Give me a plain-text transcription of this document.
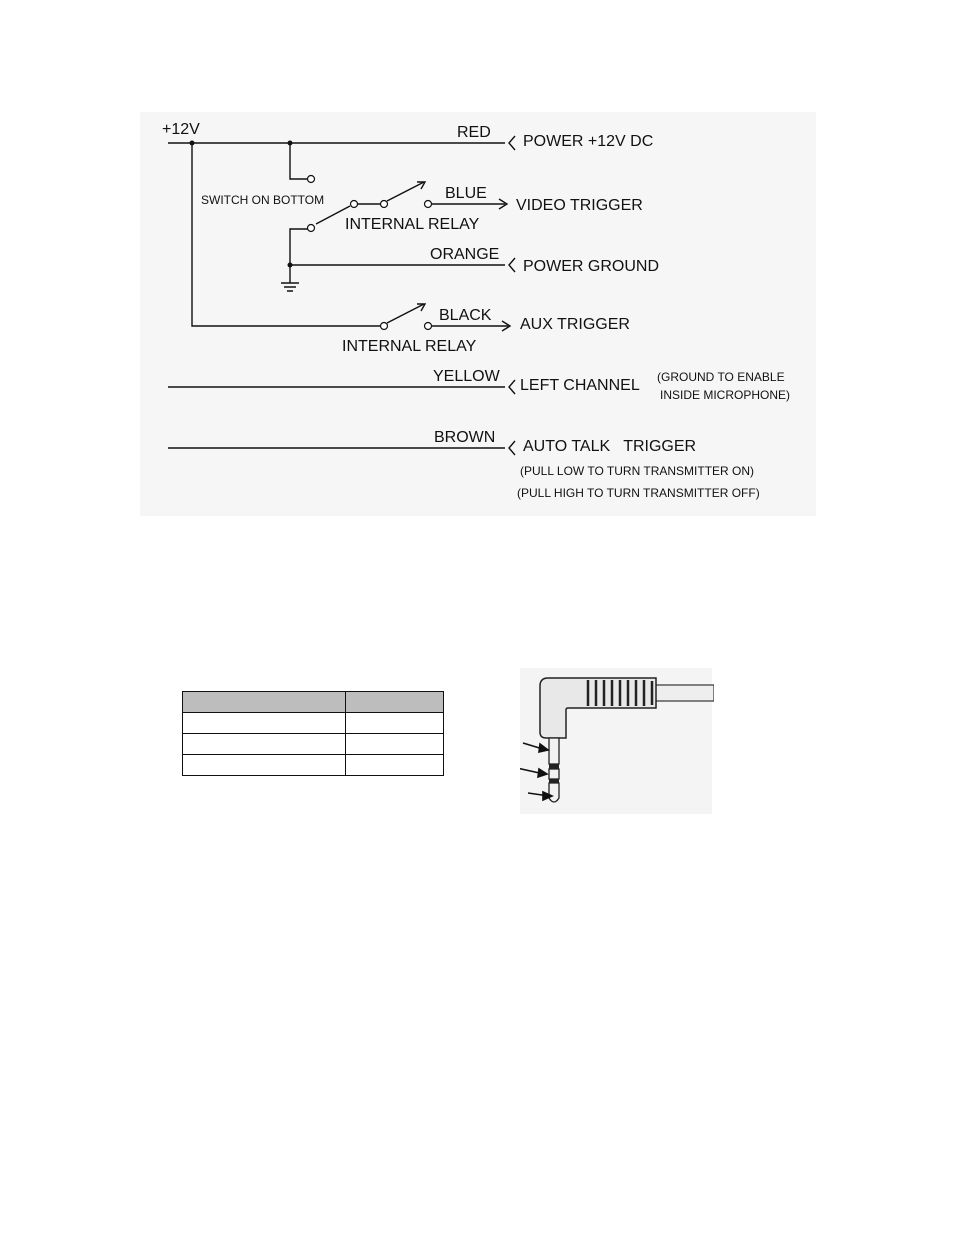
+12V	RED
POWER +12V DC
SWITCH ON BOTTOM	BLUE
VIDEO TRIGGER
INTERNAL RELAY
ORANGE
POWER GROUND
BLACK
AUX TRIGGER
INTERNAL RELAY
YELLOW
LEFT CHANNEL (GROUND TO ENABLE
INSIDE MICROPHONE)
BROWN
AUTO TALK   TRIGGER
(PULL LOW TO TURN TRANSMITTER ON)
(PULL HIGH TO TURN TRANSMITTER OFF)
